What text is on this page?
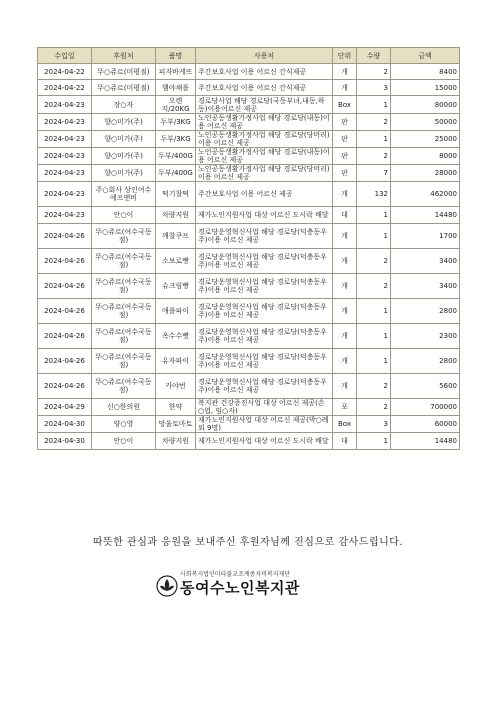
수입일	후원처	품명	사용처	단위	수량	금액
2024-04-22	뚜○쥬르(미평점)	피자바게뜨	주간보호사업 이용 어르신 간식제공	개	2	8400
2024-04-22	뚜○쥬르(미평점)	햄야채롤	주간보호사업 이용 어르신 간식제공	개	3	15000
2024-04-23	장○자	오렌지/20KG	경로당사업 해당 경로당(국동부녀,내동,하동)이용어르신 제공	Box	1	80000
2024-04-23	향○미가(주)	두부/3KG	노인공동생활가정사업 해당 경로당(내동)이용 어르신 제공	판	2	50000
2024-04-23	향○미가(주)	두부/3KG	노인공동생활가정사업 해당 경로당(당머리)이용 어르신 제공	판	1	25000
2024-04-23	향○미가(주)	두부/400G	노인공동생활가정사업 해당 경로당(내동)이용 어르신 제공	판	2	8000
2024-04-23	향○미가(주)	두부/400G	노인공동생활가정사업 해당 경로당(당머리)이용 어르신 제공	판	7	28000
2024-04-23	주○회사 상인여수에프앤비	떡기찰떡	주간보호사업 이용 어르신 제공	개	132	462000
2024-04-23	안○이	차량지원	재가노인지원사업 대상 어르신 도시락 배달	대	1	14480
2024-04-26	뚜○쥬르(여수국동점)	깨찰쿠프	경로당운영혁신사업 해당 경로당(덕충동우주)이용 어르신 제공	개	1	1700
2024-04-26	뚜○쥬르(여수국동점)	소보로빵	경로당운영혁신사업 해당 경로당(덕충동우주)이용 어르신 제공	개	2	3400
2024-04-26	뚜○쥬르(여수국동점)	슈크림빵	경로당운영혁신사업 해당 경로당(덕충동우주)이용 어르신 제공	개	2	3400
2024-04-26	뚜○쥬르(여수국동점)	애플파이	경로당운영혁신사업 해당 경로당(덕충동우주)이용 어르신 제공	개	1	2800
2024-04-26	뚜○쥬르(여수국동점)	옥수수빵	경로당운영혁신사업 해당 경로당(덕충동우주)이용 어르신 제공	개	1	2300
2024-04-26	뚜○쥬르(여수국동점)	유자파이	경로당운영혁신사업 해당 경로당(덕충동우주)이용 어르신 제공	개	1	2800
2024-04-26	뚜○쥬르(여수국동점)	카야번	경로당운영혁신사업 해당 경로당(덕충동우주)이용 어르신 제공	개	2	5600
2024-04-29	신○한의원	한약	복지관 건강증진사업 대상 어르신 제공(손○엽, 임○자)	포	2	700000
2024-04-30	양○영	망울토마토	재가노인지원사업 대상 어르신 제공(박○례 외 9명)	Box	3	60000
2024-04-30	안○이	차량지원	재가노인지원사업 대상 어르신 도시락 배달	대	1	14480
따뜻한 관심과 응원을 보내주신 후원자님께 진심으로 감사드립니다.
사회복지법인미타불교조계종자비복지재단
동여수노인복지관
